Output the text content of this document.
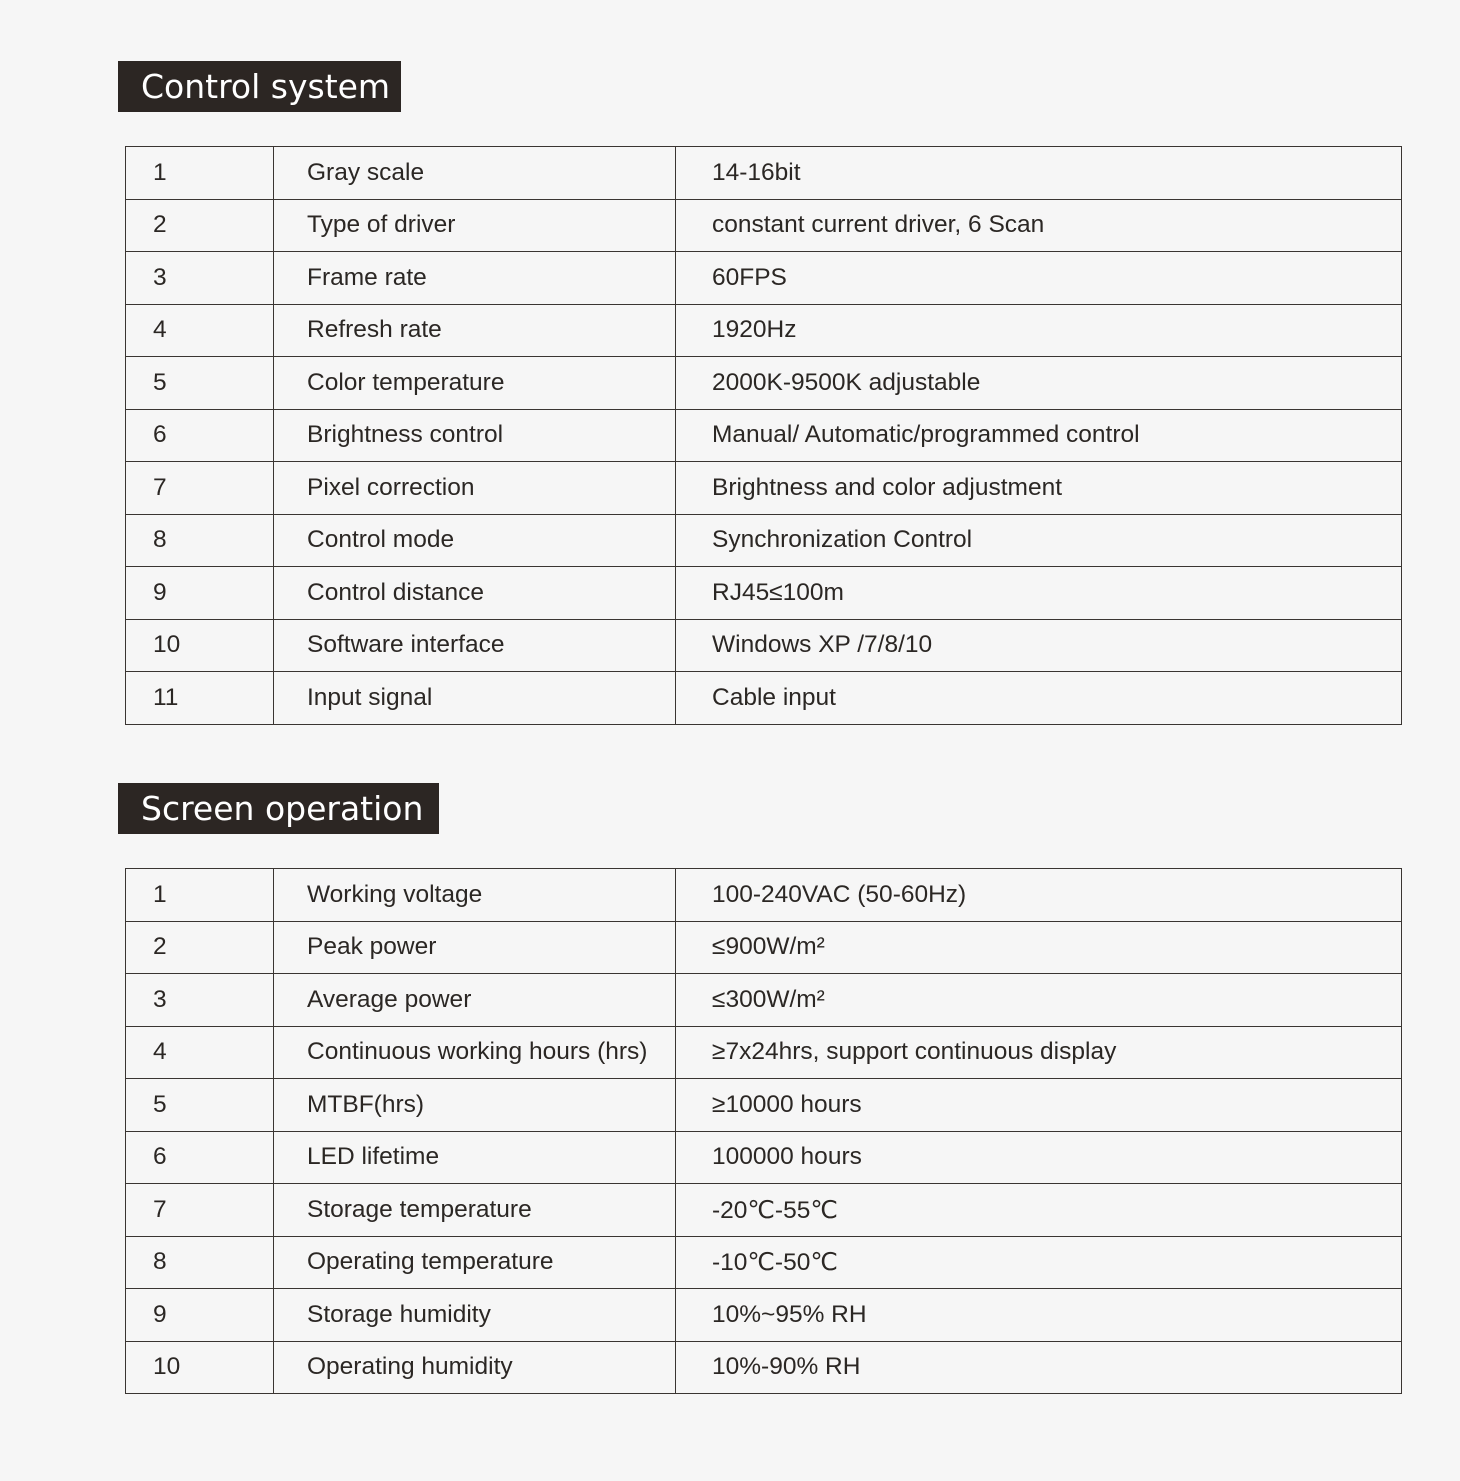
Control system
1	Gray scale	14-16bit
2	Type of driver	constant current driver, 6 Scan
3	Frame rate	60FPS
4	Refresh rate	1920Hz
5	Color temperature	2000K-9500K adjustable
6	Brightness control	Manual/ Automatic/programmed control
7	Pixel correction	Brightness and color adjustment
8	Control mode	Synchronization Control
9	Control distance	RJ45≤100m
10	Software interface	Windows XP /7/8/10
11	Input signal	Cable input
Screen operation
1	Working voltage	100-240VAC (50-60Hz)
2	Peak power	≤900W/m²
3	Average power	≤300W/m²
4	Continuous working hours (hrs)	≥7x24hrs, support continuous display
5	MTBF(hrs)	≥10000 hours
6	LED lifetime	100000 hours
7	Storage temperature	-20℃-55℃
8	Operating temperature	-10℃-50℃
9	Storage humidity	10%~95% RH
10	Operating humidity	10%-90% RH
